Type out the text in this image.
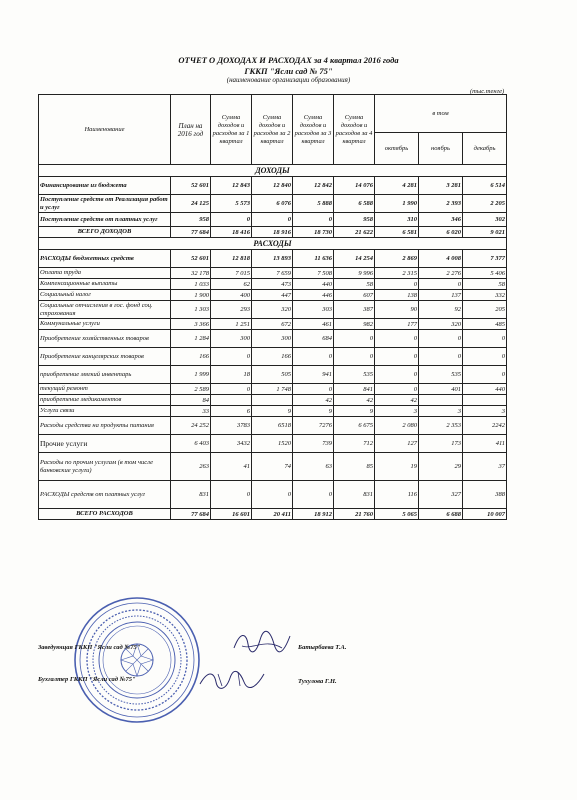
ОТЧЕТ О ДОХОДАХ И РАСХОДАХ за 4 квартал 2016 года
ГККП "Ясли сад № 75"
(наименование организации образования)
(тыс.тенге)
Наименование	План на 2016 год	Сумма доходов и расходов за 1 квартал	Сумма доходов и расходов за 2 квартал	Сумма доходов и расходов за 3 квартал	Сумма доходов и расходов за 4 квартал	в том		
						октябрь	ноябрь	декабрь
ДОХОДЫ								
Финансирование из бюджета	52 601	12 843	12 840	12 842	14 076	4 281	3 281	6 514
Поступление средств от Реализация работ и услуг	24 125	5 573	6 076	5 888	6 588	1 990	2 393	2 205
Поступление средств от платных услуг	958	0	0	0	958	310	346	302
ВСЕГО ДОХОДОВ	77 684	18 416	18 916	18 730	21 622	6 581	6 020	9 021
РАСХОДЫ								
РАСХОДЫ бюджетных средств	52 601	12 818	13 893	11 636	14 254	2 869	4 008	7 377
Оплата труда	32 178	7 015	7 659	7 508	9 996	2 315	2 276	5 406
Компенсационные выплаты	1 033	62	473	440	58	0	0	58
Социальный налог	1 900	400	447	446	607	138	137	332
Социальные отчисления в гос. фонд соц. страхования	1 303	293	320	303	387	90	92	205
Коммунальные услуги	3 366	1 251	672	461	982	177	320	485
Приобретение хозяйственных товаров	1 284	300	300	684	0	0	0	0
Приобретение канцелярских товаров	166	0	166	0	0	0	0	0
приобретение мягкий инвентарь	1 999	18	505	941	535	0	535	0
текущий ремонт	2 589	0	1 748	0	841	0	401	440
приобретение медикаментов	84			42	42	42		
Услуги связи	33	6	9	9	9	3	3	3
Расходы средства на продукты питания	24 252	3783	6518	7276	6 675	2 080	2 353	2242
Прочие услуги	6 403	3432	1520	739	712	127	173	411
Расходы по прочим услугам (в том числе банковские услуги)	263	41	74	63	85	19	29	37
РАСХОДЫ средств от платных услуг	831	0	0	0	831	116	327	388
ВСЕГО РАСХОДОВ	77 684	16 601	20 411	18 912	21 760	5 065	6 688	10 007
Заведующая ГККП "Ясли сад №75"	Батырбаева Т.А.
Бухгалтер ГККП "Ясли сад №75"	Тухулова Г.Н.
